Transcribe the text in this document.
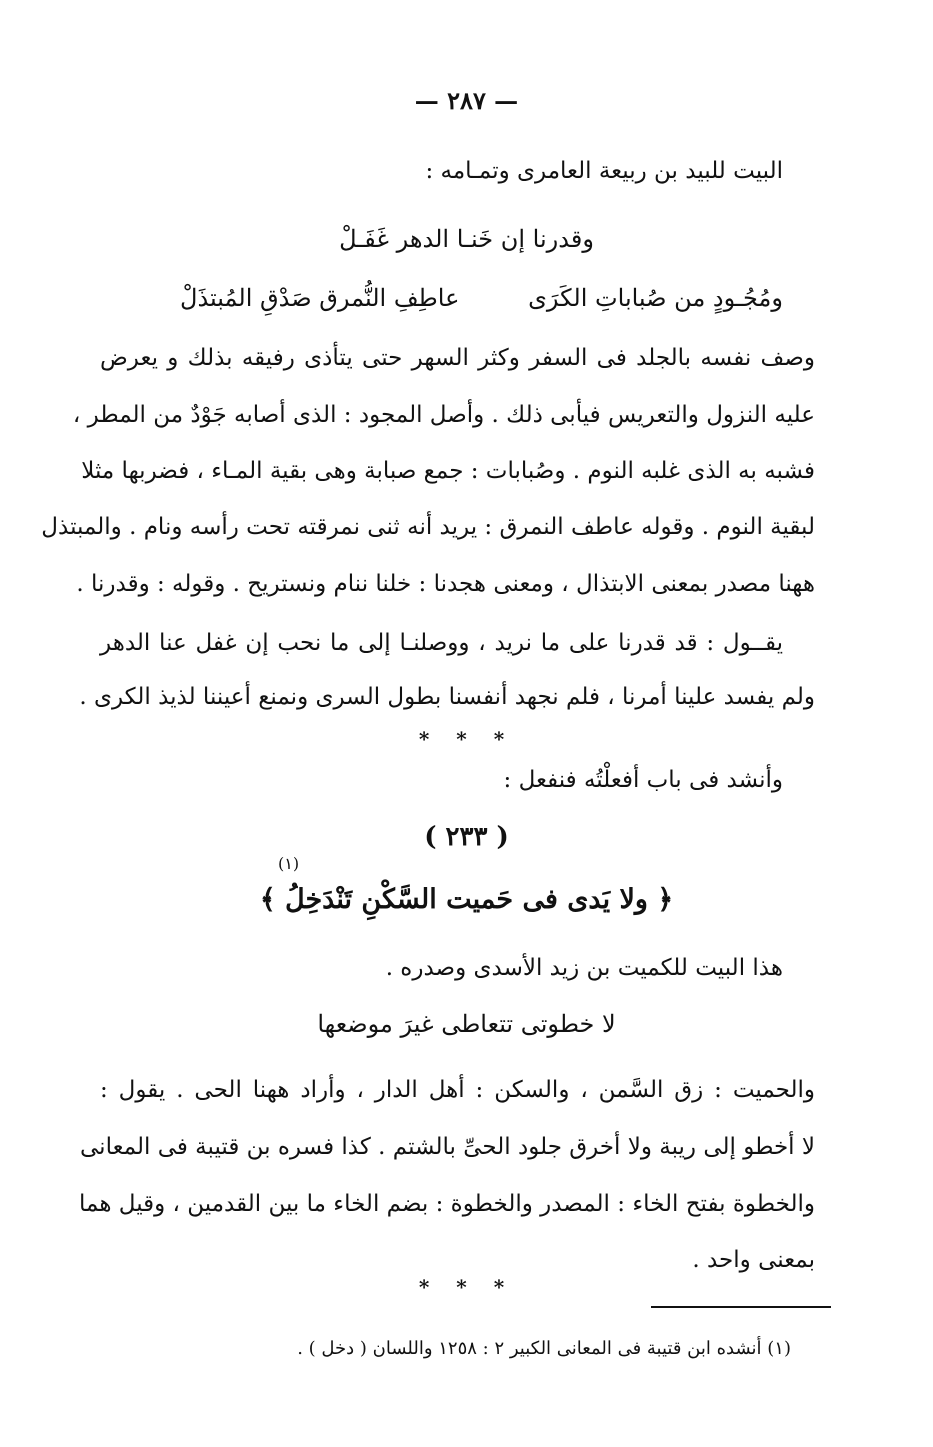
— ٢٨٧ —
البيت للبيد بن ربيعة العامرى وتمـامه :
وقدرنا إن خَنـا الدهر غَفَـلْ
ومُجُـودٍ من صُباباتِ الكَرَى
عاطِفِ النُّمرق صَدْقِ المُبتذَلْ
وصف نفسه بالجلد فى السفر وكثر السهر حتى يتأذى رفيقه بذلك و يعرض
عليه النزول والتعريس فيأبى ذلك . وأصل المجود : الذى أصابه جَوْدٌ من المطر ،
فشبه به الذى غلبه النوم . وصُبابات : جمع صبابة وهى بقية المـاء ، فضربها مثلا
لبقية النوم . وقوله عاطف النمرق : يريد أنه ثنى نمرقته تحت رأسه ونام . والمبتذل
ههنا مصدر بمعنى الابتذال ، ومعنى هجدنا : خلنا ننام ونستريح . وقوله : وقدرنا .
يقــول : قد قدرنا على ما نريد ، ووصلنـا إلى ما نحب إن غفل عنا الدهر
ولم يفسد علينا أمرنا ، فلم نجهد أنفسنا بطول السرى ونمنع أعيننا لذيذ الكرى .
* * *
وأنشد فى باب أفعلْتُه فنفعل :
( ٢٣٣ )
(١)
﴿ ولا يَدى فى حَميت السَّكْنِ تَنْدَخِلُ ﴾
هذا البيت للكميت بن زيد الأسدى وصدره .
لا خطوتى تتعاطى غيرَ موضعها
والحميت : زق السَّمن ، والسكن : أهل الدار ، وأراد ههنا الحى . يقول :
لا أخطو إلى ريبة ولا أخرق جلود الحىِّ بالشتم . كذا فسره بن قتيبة فى المعانى
والخطوة بفتح الخاء : المصدر والخطوة : بضم الخاء ما بين القدمين ، وقيل هما
بمعنى واحد .
* * *
(١) أنشده ابن قتيبة فى المعانى الكبير ٢ : ١٢٥٨ واللسان ( دخل ) .
